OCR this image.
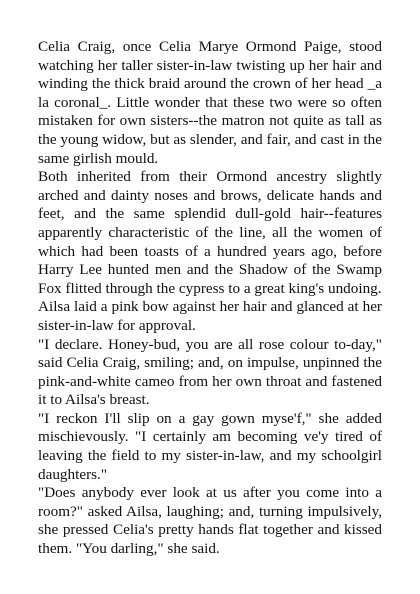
Celia Craig, once Celia Marye Ormond Paige, stood watching her taller sister-in-law twisting up her hair and winding the thick braid around the crown of her head _a la coronal_. Little wonder that these two were so often mistaken for own sisters--the matron not quite as tall as the young widow, but as slender, and fair, and cast in the same girlish mould.

Both inherited from their Ormond ancestry slightly arched and dainty noses and brows, delicate hands and feet, and the same splendid dull-gold hair--features apparently characteristic of the line, all the women of which had been toasts of a hundred years ago, before Harry Lee hunted men and the Shadow of the Swamp Fox flitted through the cypress to a great king's undoing.

Ailsa laid a pink bow against her hair and glanced at her sister-in-law for approval.

"I declare. Honey-bud, you are all rose colour to-day," said Celia Craig, smiling; and, on impulse, unpinned the pink-and-white cameo from her own throat and fastened it to Ailsa's breast.

"I reckon I'll slip on a gay gown myse'f," she added mischievously. "I certainly am becoming ve'y tired of leaving the field to my sister-in-law, and my schoolgirl daughters."

"Does anybody ever look at us after you come into a room?" asked Ailsa, laughing; and, turning impulsively, she pressed Celia's pretty hands flat together and kissed them. "You darling," she said.
